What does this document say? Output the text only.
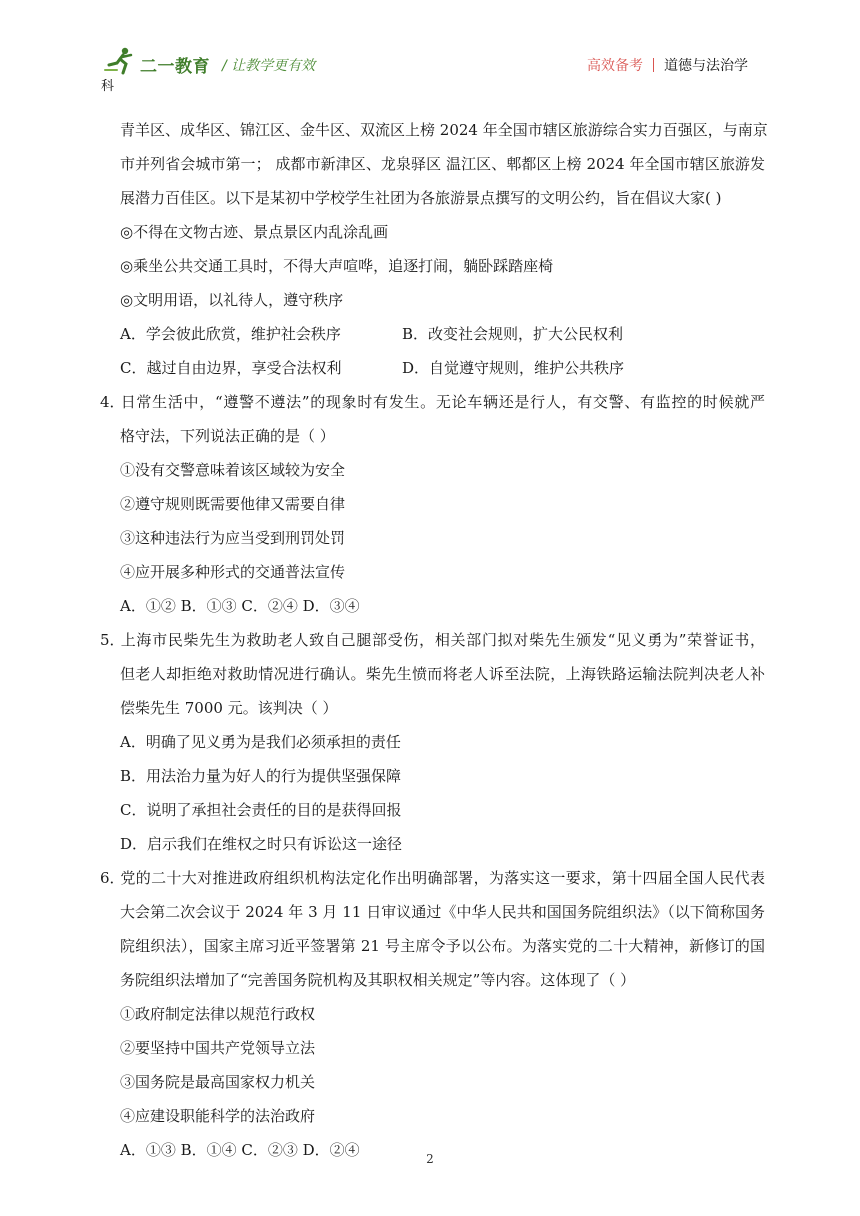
二一教育 / 让教学更有效
科
高效备考 道德与法治学
青羊区、成华区、锦江区、金牛区、双流区上榜 2024 年全国市辖区旅游综合实力百强区，与南京
市并列省会城市第一； 成都市新津区、龙泉驿区 温江区、郫都区上榜 2024 年全国市辖区旅游发
展潜力百佳区。以下是某初中学校学生社团为各旅游景点撰写的文明公约，旨在倡议大家( )
◎不得在文物古迹、景点景区内乱涂乱画
◎乘坐公共交通工具时，不得大声喧哗，追逐打闹，躺卧踩踏座椅
◎文明用语，以礼待人，遵守秩序
A．学会彼此欣赏，维护社会秩序	B．改变社会规则，扩大公民权利
C．越过自由边界，享受合法权利	D．自觉遵守规则，维护公共秩序
4．日常生活中，“遵警不遵法”的现象时有发生。无论车辆还是行人，有交警、有监控的时候就严
格守法，下列说法正确的是（ ）
①没有交警意味着该区域较为安全
②遵守规则既需要他律又需要自律
③这种违法行为应当受到刑罚处罚
④应开展多种形式的交通普法宣传
A．①② B．①③ C．②④ D．③④
5．上海市民柴先生为救助老人致自己腿部受伤，相关部门拟对柴先生颁发“见义勇为”荣誉证书，
但老人却拒绝对救助情况进行确认。柴先生愤而将老人诉至法院，上海铁路运输法院判决老人补
偿柴先生 7000 元。该判决（ ）
A．明确了见义勇为是我们必须承担的责任
B．用法治力量为好人的行为提供坚强保障
C．说明了承担社会责任的目的是获得回报
D．启示我们在维权之时只有诉讼这一途径
6．党的二十大对推进政府组织机构法定化作出明确部署，为落实这一要求，第十四届全国人民代表
大会第二次会议于 2024 年 3 月 11 日审议通过《中华人民共和国国务院组织法》（以下简称国务
院组织法），国家主席习近平签署第 21 号主席令予以公布。为落实党的二十大精神，新修订的国
务院组织法增加了“完善国务院机构及其职权相关规定”等内容。这体现了（ ）
①政府制定法律以规范行政权
②要坚持中国共产党领导立法
③国务院是最高国家权力机关
④应建设职能科学的法治政府
A．①③ B．①④ C．②③ D．②④	2
